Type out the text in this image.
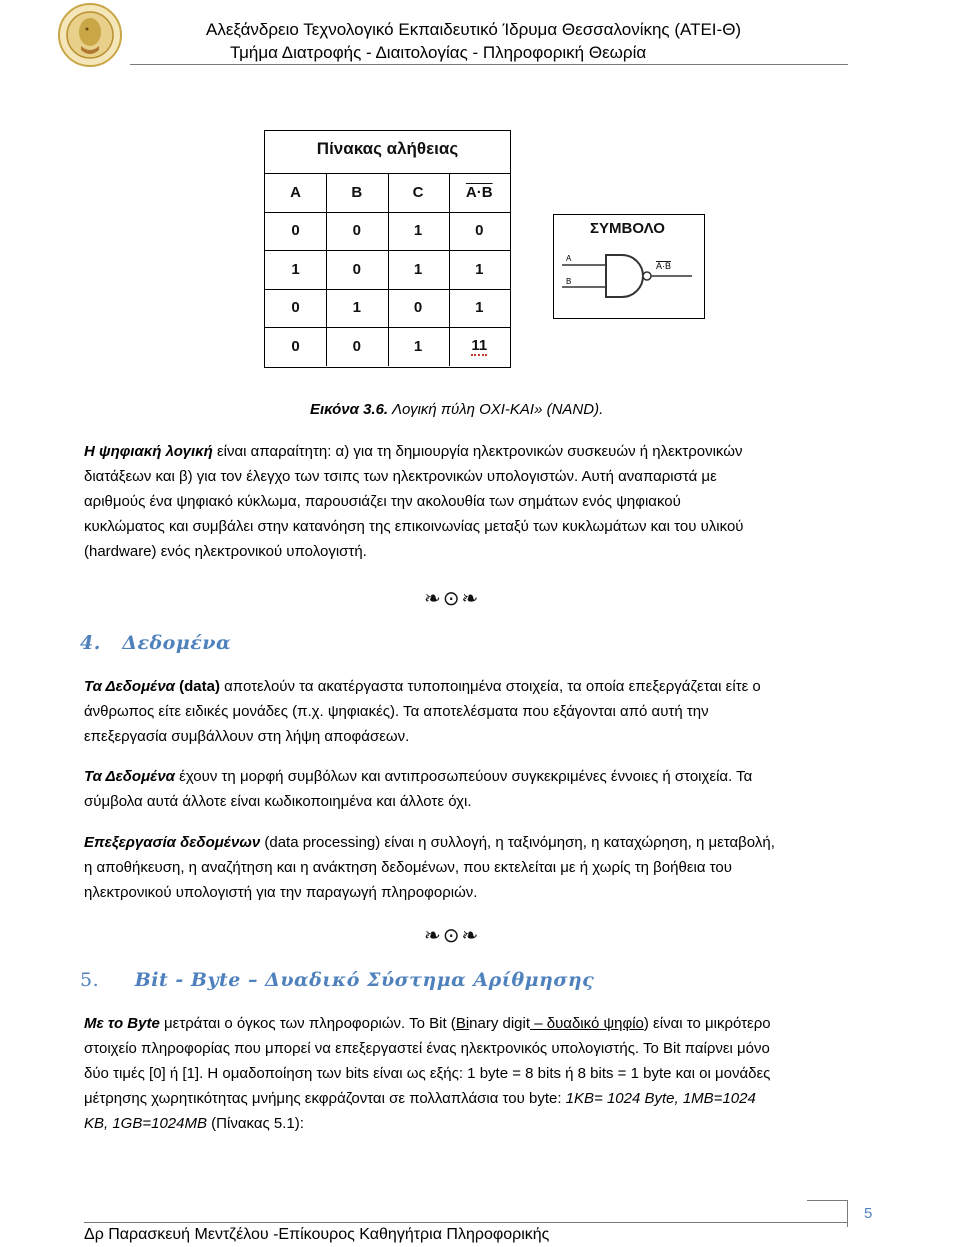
Αλεξάνδρειο Τεχνολογικό Εκπαιδευτικό Ίδρυμα Θεσσαλονίκης (ΑΤΕΙ-Θ)
Τμήμα Διατροφής - Διαιτολογίας - Πληροφορική Θεωρία
Πίνακας αλήθειας
A	B	C	A·B
0	0	1	0
1	0	1	1
0	1	0	1
0	0	1	11
ΣΥΜΒΟΛΟ
A
B
A·B
Εικόνα 3.6. Λογική πύλη ΟΧΙ-ΚΑΙ» (NAND).
Η ψηφιακή λογική είναι απαραίτητη: α) για τη δημιουργία ηλεκτρονικών συσκευών ή ηλεκτρονικών
διατάξεων και β) για τον έλεγχο των τσιπς των ηλεκτρονικών υπολογιστών. Αυτή αναπαριστά με
αριθμούς ένα ψηφιακό κύκλωμα, παρουσιάζει την ακολουθία των σημάτων ενός ψηφιακού
κυκλώματος και συμβάλει στην κατανόηση της επικοινωνίας μεταξύ των κυκλωμάτων και του υλικού
(hardware) ενός ηλεκτρονικού υπολογιστή.
❧⊙❧
4. Δεδομένα
Τα Δεδομένα (data) αποτελούν τα ακατέργαστα τυποποιημένα στοιχεία, τα οποία επεξεργάζεται είτε ο
άνθρωπος είτε ειδικές μονάδες (π.χ. ψηφιακές). Τα αποτελέσματα που εξάγονται από αυτή την
επεξεργασία συμβάλλουν στη λήψη αποφάσεων.
Τα Δεδομένα έχουν τη μορφή συμβόλων και αντιπροσωπεύουν συγκεκριμένες έννοιες ή στοιχεία. Τα
σύμβολα αυτά άλλοτε είναι κωδικοποιημένα και άλλοτε όχι.
Επεξεργασία δεδομένων (data processing) είναι η συλλογή, η ταξινόμηση, η καταχώρηση, η μεταβολή,
η αποθήκευση, η αναζήτηση και η ανάκτηση δεδομένων, που εκτελείται με ή χωρίς τη βοήθεια του
ηλεκτρονικού υπολογιστή για την παραγωγή πληροφοριών.
❧⊙❧
5. Bit - Byte – Δυαδικό Σύστημα Αρίθμησης
Με το Byte μετράται ο όγκος των πληροφοριών. Το Bit (Binary digit – δυαδικό ψηφίο) είναι το μικρότερο
στοιχείο πληροφορίας που μπορεί να επεξεργαστεί ένας ηλεκτρονικός υπολογιστής. Το Bit παίρνει μόνο
δύο τιμές [0] ή [1]. Η ομαδοποίηση των bits είναι ως εξής: 1 byte = 8 bits ή 8 bits = 1 byte και οι μονάδες
μέτρησης χωρητικότητας μνήμης εκφράζονται σε πολλαπλάσια του byte: 1KB= 1024 Byte, 1MB=1024
KB, 1GB=1024MB (Πίνακας 5.1):
5
Δρ Παρασκευή Μεντζέλου -Επίκουρος Καθηγήτρια Πληροφορικής
